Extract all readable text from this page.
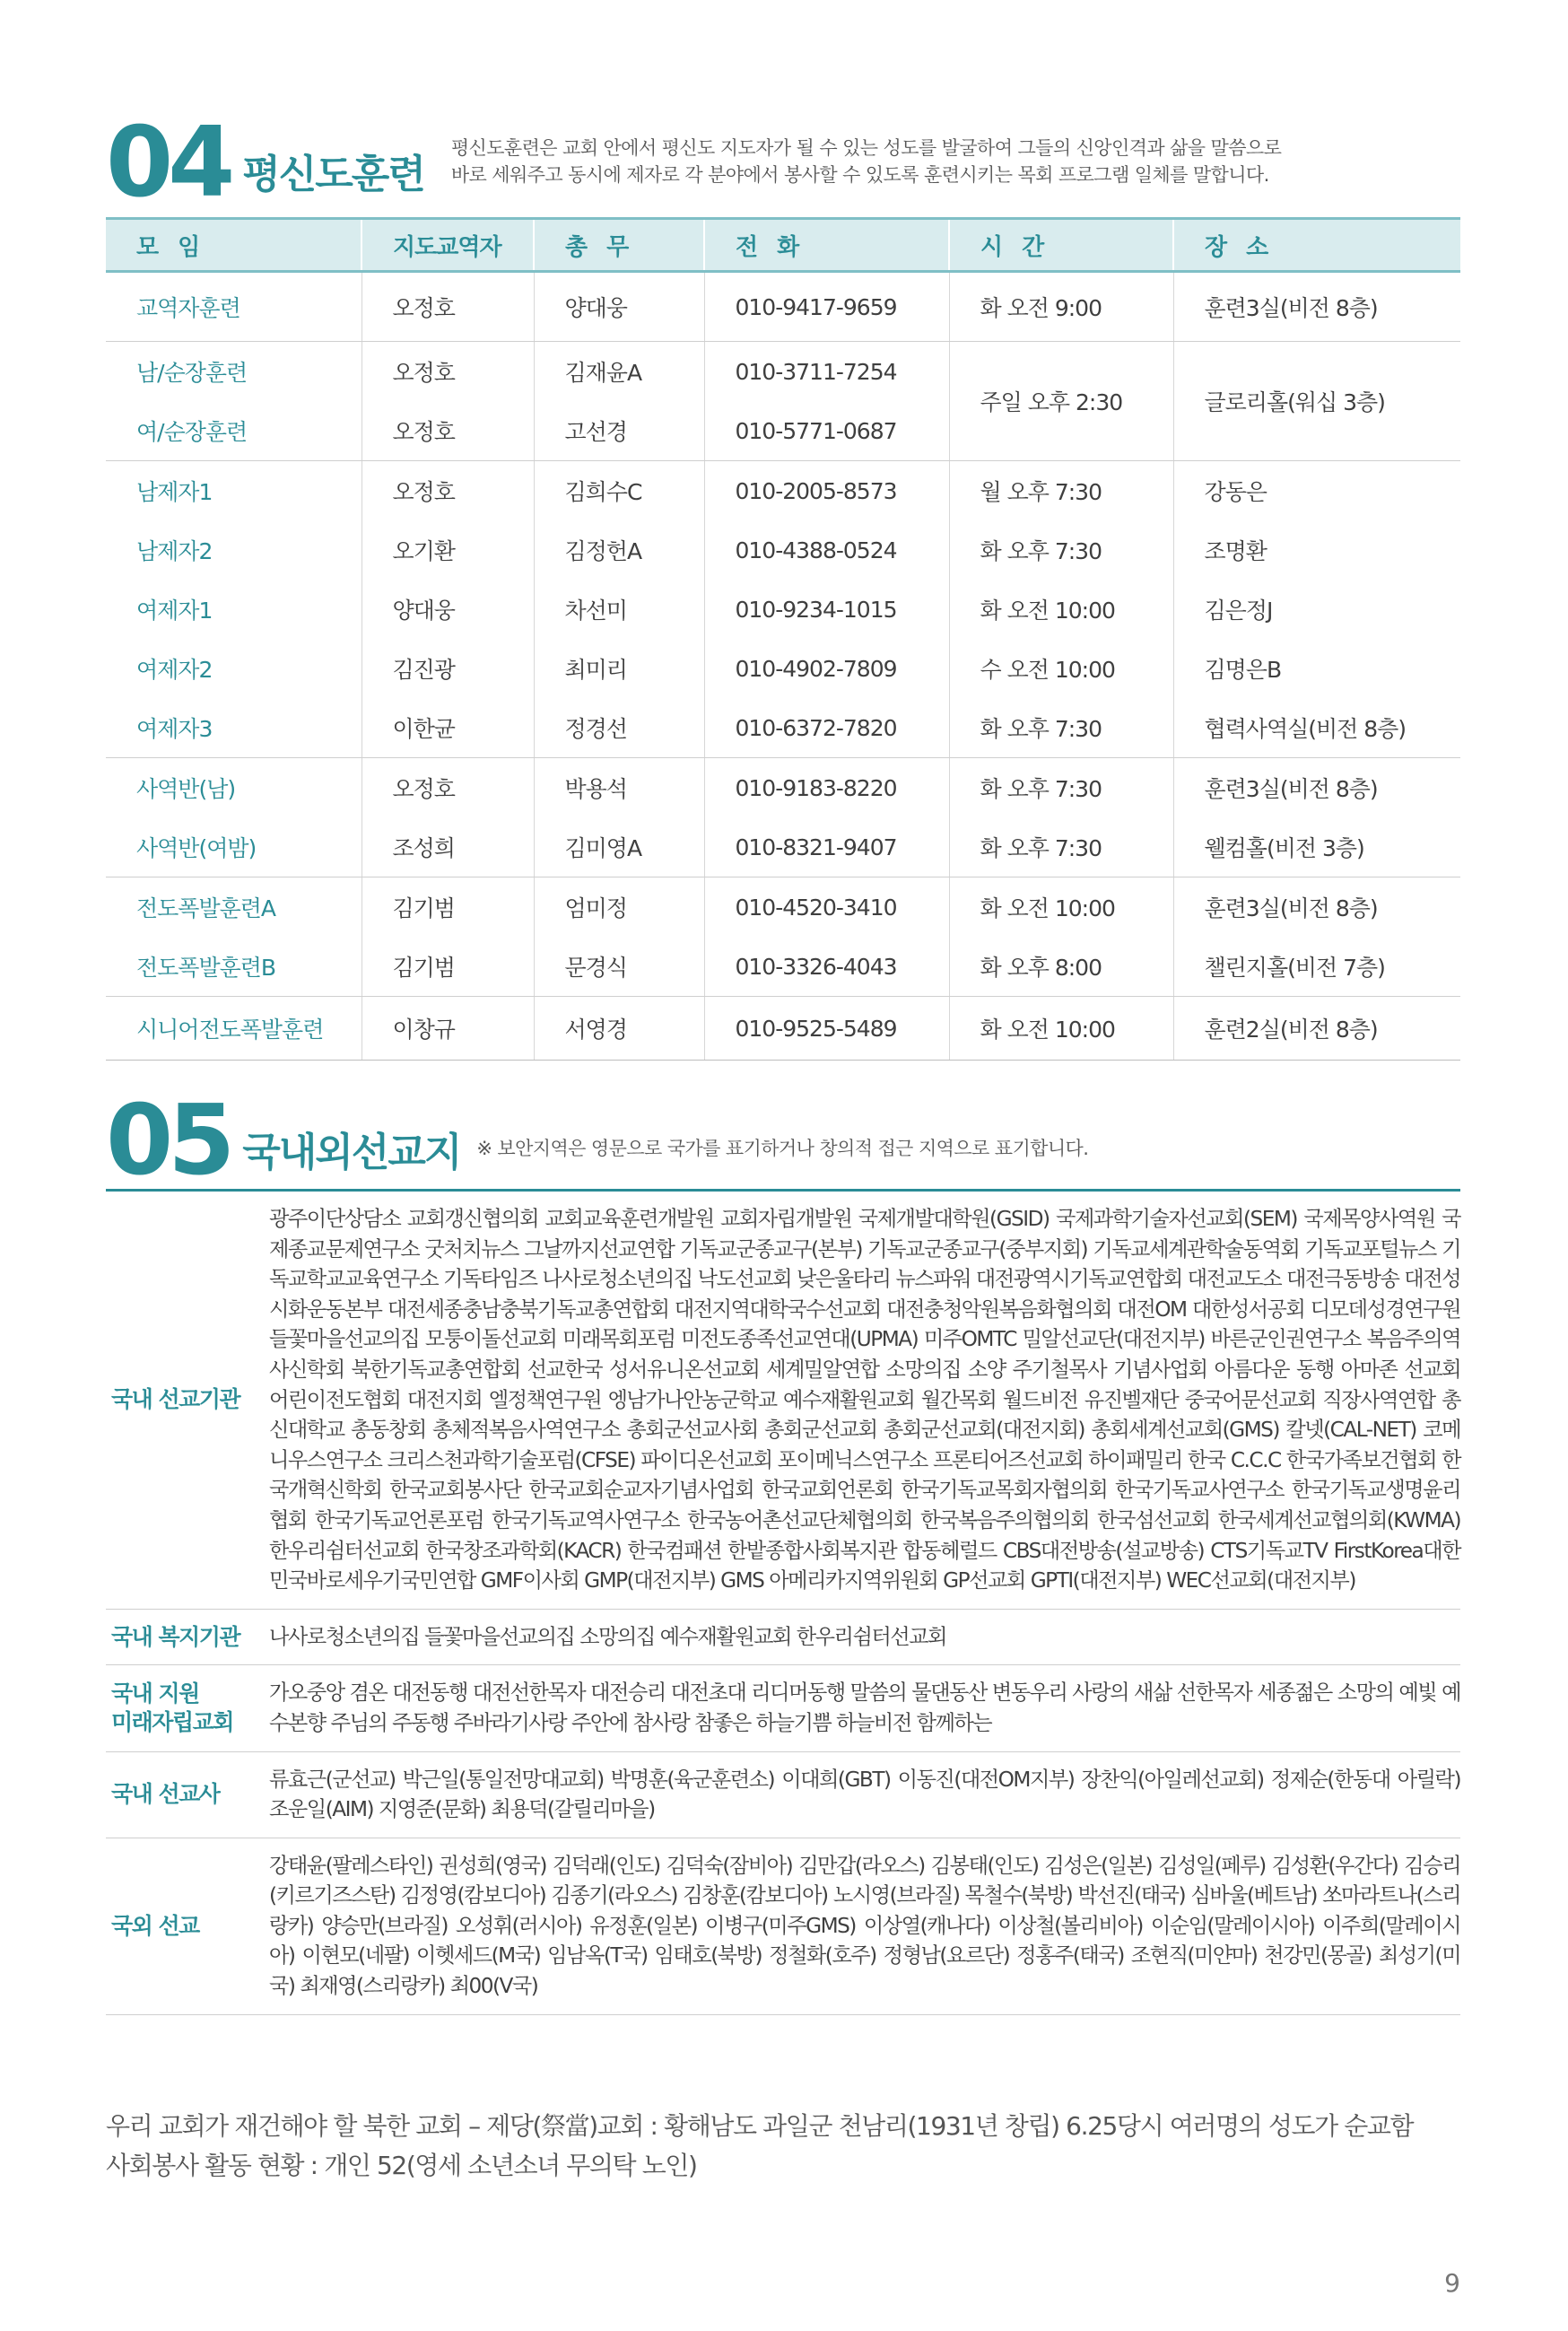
04 평신도훈련
평신도훈련은 교회 안에서 평신도 지도자가 될 수 있는 성도를 발굴하여 그들의 신앙인격과 삶을 말씀으로
바로 세워주고 동시에 제자로 각 분야에서 봉사할 수 있도록 훈련시키는 목회 프로그램 일체를 말합니다.
모 임	지도교역자	총 무	전 화	시 간	장 소
교역자훈련	오정호	양대웅	010-9417-9659	화 오전 9:00	훈련3실(비전 8층)
남/순장훈련	오정호	김재윤A	010-3711-7254	주일 오후 2:30	글로리홀(워십 3층)
여/순장훈련	오정호	고선경	010-5771-0687		
남제자1	오정호	김희수C	010-2005-8573	월 오후 7:30	강동은
남제자2	오기환	김정헌A	010-4388-0524	화 오후 7:30	조명환
여제자1	양대웅	차선미	010-9234-1015	화 오전 10:00	김은정J
여제자2	김진광	최미리	010-4902-7809	수 오전 10:00	김명은B
여제자3	이한균	정경선	010-6372-7820	화 오후 7:30	협력사역실(비전 8층)
사역반(남)	오정호	박용석	010-9183-8220	화 오후 7:30	훈련3실(비전 8층)
사역반(여밤)	조성희	김미영A	010-8321-9407	화 오후 7:30	웰컴홀(비전 3층)
전도폭발훈련A	김기범	엄미정	010-4520-3410	화 오전 10:00	훈련3실(비전 8층)
전도폭발훈련B	김기범	문경식	010-3326-4043	화 오후 8:00	챌린지홀(비전 7층)
시니어전도폭발훈련	이창규	서영경	010-9525-5489	화 오전 10:00	훈련2실(비전 8층)
05 국내외선교지 ※ 보안지역은 영문으로 국가를 표기하거나 창의적 접근 지역으로 표기합니다.
국내 선교기관	광주이단상담소 교회갱신협의회 교회교육훈련개발원 교회자립개발원 국제개발대학원(GSID) 국제과학기술자선교회(SEM) 국제목양사역원 국제종교문제연구소 굿처치뉴스 그날까지선교연합 기독교군종교구(본부) 기독교군종교구(중부지회) 기독교세계관학술동역회 기독교포털뉴스 기독교학교교육연구소 기독타임즈 나사로청소년의집 낙도선교회 낮은울타리 뉴스파워 대전광역시기독교연합회 대전교도소 대전극동방송 대전성시화운동본부 대전세종충남충북기독교총연합회 대전지역대학국수선교회 대전충청악원복음화협의회 대전OM 대한성서공회 디모데성경연구원 들꽃마을선교의집 모퉁이돌선교회 미래목회포럼 미전도종족선교연대(UPMA) 미주OMTC 밀알선교단(대전지부) 바른군인권연구소 복음주의역사신학회 북한기독교총연합회 선교한국 성서유니온선교회 세계밀알연합 소망의집 소양 주기철목사 기념사업회 아름다운 동행 아마존 선교회 어린이전도협회 대전지회 엘정책연구원 엥남가나안농군학교 예수재활원교회 월간목회 월드비전 유진벨재단 중국어문선교회 직장사역연합 총신대학교 총동창회 총체적복음사역연구소 총회군선교사회 총회군선교회 총회군선교회(대전지회) 총회세계선교회(GMS) 칼넷(CAL-NET) 코메니우스연구소 크리스천과학기술포럼(CFSE) 파이디온선교회 포이메닉스연구소 프론티어즈선교회 하이패밀리 한국 C.C.C 한국가족보건협회 한국개혁신학회 한국교회봉사단 한국교회순교자기념사업회 한국교회언론회 한국기독교목회자협의회 한국기독교사연구소 한국기독교생명윤리협회 한국기독교언론포럼 한국기독교역사연구소 한국농어촌선교단체협의회 한국복음주의협의회 한국섬선교회 한국세계선교협의회(KWMA) 한우리쉼터선교회 한국창조과학회(KACR) 한국컴패션 한밭종합사회복지관 합동헤럴드 CBS대전방송(설교방송) CTS기독교TV FirstKorea대한민국바로세우기국민연합 GMF이사회 GMP(대전지부) GMS 아메리카지역위원회 GP선교회 GPTI(대전지부) WEC선교회(대전지부)
국내 복지기관	나사로청소년의집 들꽃마을선교의집 소망의집 예수재활원교회 한우리쉼터선교회

국내 지원
미래자립교회	가오중앙 겸온 대전동행 대전선한목자 대전승리 대전초대 리디머동행 말씀의 물댄동산 변동우리 사랑의 새삶 선한목자 세종젊은 소망의 예빛 예수본향 주님의 주동행 주바라기사랑 주안에 참사랑 참좋은 하늘기쁨 하늘비전 함께하는
국내 선교사	류효근(군선교) 박근일(통일전망대교회) 박명훈(육군훈련소) 이대희(GBT) 이동진(대전OM지부) 장찬익(아일레선교회) 정제순(한동대 아릴락) 조운일(AIM) 지영준(문화) 최용덕(갈릴리마을)
국외 선교	강태윤(팔레스타인) 권성희(영국) 김덕래(인도) 김덕숙(잠비아) 김만갑(라오스) 김봉태(인도) 김성은(일본) 김성일(페루) 김성환(우간다) 김승리(키르기즈스탄) 김정영(캄보디아) 김종기(라오스) 김창훈(캄보디아) 노시영(브라질) 목철수(북방) 박선진(태국) 심바울(베트남) 쏘마라트나(스리랑카) 양승만(브라질) 오성휘(러시아) 유정훈(일본) 이병구(미주GMS) 이상열(캐나다) 이상철(볼리비아) 이순임(말레이시아) 이주희(말레이시아) 이현모(네팔) 이헷세드(M국) 임남옥(T국) 임태호(북방) 정철화(호주) 정형남(요르단) 정홍주(태국) 조현직(미얀마) 천강민(몽골) 최성기(미국) 최재영(스리랑카) 최00(V국)
우리 교회가 재건해야 할 북한 교회 – 제당(祭當)교회 : 황해남도 과일군 천남리(1931년 창립) 6.25당시 여러명의 성도가 순교함
사회봉사 활동 현황 : 개인 52(영세 소년소녀 무의탁 노인)
9
